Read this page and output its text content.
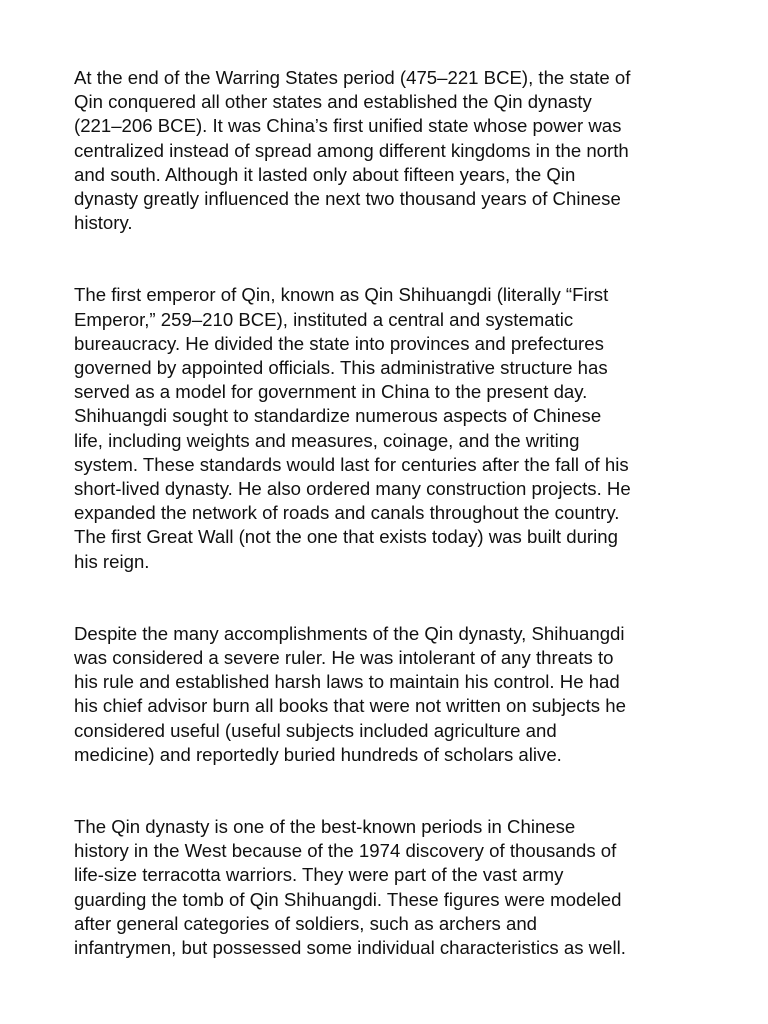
At the end of the Warring States period (475–221 BCE), the state of
Qin conquered all other states and established the Qin dynasty
(221–206 BCE). It was China’s first unified state whose power was
centralized instead of spread among different kingdoms in the north
and south. Although it lasted only about fifteen years, the Qin
dynasty greatly influenced the next two thousand years of Chinese
history.

The first emperor of Qin, known as Qin Shihuangdi (literally “First
Emperor,” 259–210 BCE), instituted a central and systematic
bureaucracy. He divided the state into provinces and prefectures
governed by appointed officials. This administrative structure has
served as a model for government in China to the present day.
Shihuangdi sought to standardize numerous aspects of Chinese
life, including weights and measures, coinage, and the writing
system. These standards would last for centuries after the fall of his
short-lived dynasty. He also ordered many construction projects. He
expanded the network of roads and canals throughout the country.
The first Great Wall (not the one that exists today) was built during
his reign.

Despite the many accomplishments of the Qin dynasty, Shihuangdi
was considered a severe ruler. He was intolerant of any threats to
his rule and established harsh laws to maintain his control. He had
his chief advisor burn all books that were not written on subjects he
considered useful (useful subjects included agriculture and
medicine) and reportedly buried hundreds of scholars alive.

The Qin dynasty is one of the best-known periods in Chinese
history in the West because of the 1974 discovery of thousands of
life-size terracotta warriors. They were part of the vast army
guarding the tomb of Qin Shihuangdi. These figures were modeled
after general categories of soldiers, such as archers and
infantrymen, but possessed some individual characteristics as well.
